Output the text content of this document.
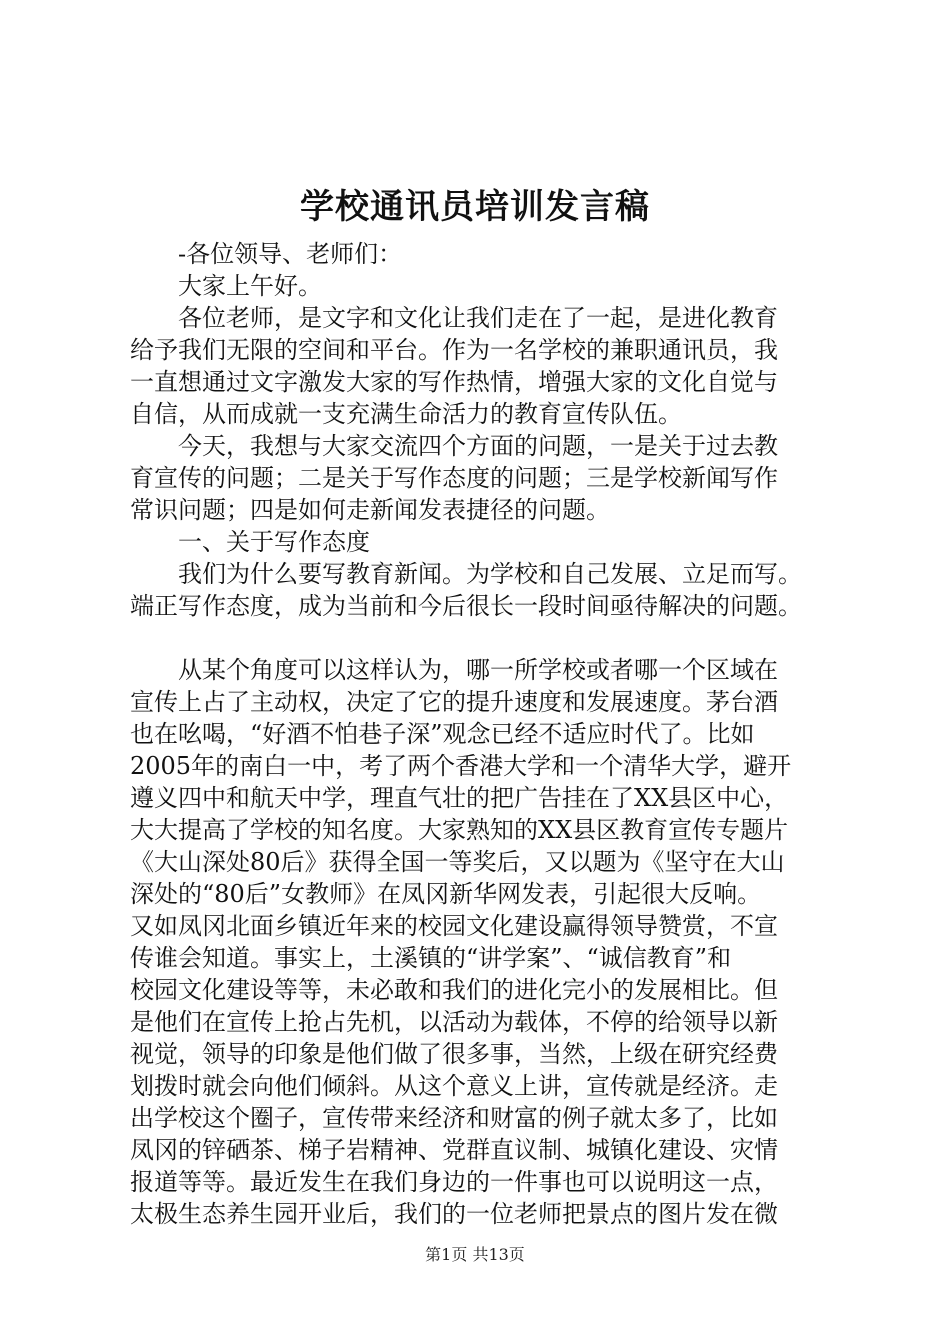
学校通讯员培训发言稿

-各位领导、老师们：

大家上午好。

各位老师，是文字和文化让我们走在了一起，是进化教育
给予我们无限的空间和平台。作为一名学校的兼职通讯员，我
一直想通过文字激发大家的写作热情，增强大家的文化自觉与
自信，从而成就一支充满生命活力的教育宣传队伍。

今天，我想与大家交流四个方面的问题，一是关于过去教
育宣传的问题；二是关于写作态度的问题；三是学校新闻写作
常识问题；四是如何走新闻发表捷径的问题。

一、关于写作态度

我们为什么要写教育新闻。为学校和自己发展、立足而写。
端正写作态度，成为当前和今后很长一段时间亟待解决的问题。

从某个角度可以这样认为，哪一所学校或者哪一个区域在
宣传上占了主动权，决定了它的提升速度和发展速度。茅台酒
也在吆喝，“好酒不怕巷子深”观念已经不适应时代了。比如
2005年的南白一中，考了两个香港大学和一个清华大学，避开
遵义四中和航天中学，理直气壮的把广告挂在了XX县区中心，
大大提高了学校的知名度。大家熟知的XX县区教育宣传专题片
《大山深处80后》获得全国一等奖后，又以题为《坚守在大山
深处的“80后”女教师》在凤冈新华网发表，引起很大反响。
又如凤冈北面乡镇近年来的校园文化建设赢得领导赞赏，不宣
传谁会知道。事实上，土溪镇的“讲学案”、“诚信教育”和
校园文化建设等等，未必敢和我们的进化完小的发展相比。但
是他们在宣传上抢占先机，以活动为载体，不停的给领导以新
视觉，领导的印象是他们做了很多事，当然，上级在研究经费
划拨时就会向他们倾斜。从这个意义上讲，宣传就是经济。走
出学校这个圈子，宣传带来经济和财富的例子就太多了，比如
凤冈的锌硒茶、梯子岩精神、党群直议制、城镇化建设、灾情
报道等等。最近发生在我们身边的一件事也可以说明这一点，
太极生态养生园开业后，我们的一位老师把景点的图片发在微

第1页 共13页
